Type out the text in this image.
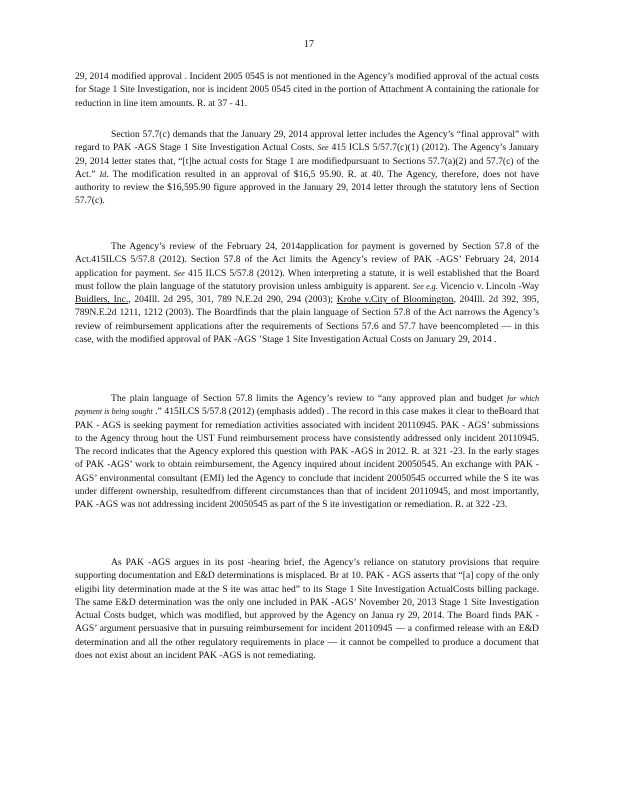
17

29, 2014 modified approval . Incident 2005 0545 is not mentioned in the Agency’s modified approval of the actual costs for Stage 1 Site Investigation, nor is incident 2005 0545 cited in the portion of Attachment A containing the rationale for reduction in line item amounts. R. at 37 - 41.

Section 57.7(c) demands that the January 29, 2014 approval letter includes the Agency’s “final approval” with regard to PAK -AGS Stage 1 Site Investigation Actual Costs. See 415 ICLS 5/57.7(c)(1) (2012). The Agency’s January 29, 2014 letter states that, “[t]he actual costs for Stage 1 are modifiedpursuant to Sections 57.7(a)(2) and 57.7(c) of the Act.” Id. The modification resulted in an approval of $16,5 95.90. R. at 40. The Agency, therefore, does not have authority to review the $16,595.90 figure approved in the January 29, 2014 letter through the statutory lens of Section 57.7(c).

The Agency’s review of the February 24, 2014application for payment is governed by Section 57.8 of the Act.415ILCS 5/57.8 (2012). Section 57.8 of the Act limits the Agency’s review of PAK -AGS’ February 24, 2014 application for payment. See 415 ILCS 5/57.8 (2012). When interpreting a statute, it is well established that the Board must follow the plain language of the statutory provision unless ambiguity is apparent. See e.g. Vicencio v. Lincoln -Way Buidlers, Inc., 204Ill. 2d 295, 301, 789 N.E.2d 290, 294 (2003); Krohe v.City of Bloomington, 204Ill. 2d 392, 395, 789N.E.2d 1211, 1212 (2003). The Boardfinds that the plain language of Section 57.8 of the Act narrows the Agency’s review of reimbursement applications after the requirements of Sections 57.6 and 57.7 have beencompleted — in this case, with the modified approval of PAK -AGS ’Stage 1 Site Investigation Actual Costs on January 29, 2014 .

The plain language of Section 57.8 limits the Agency’s review to “any approved plan and budget for which payment is being sought .” 415ILCS 5/57.8 (2012) (emphasis added) . The record in this case makes it clear to theBoard that PAK - AGS is seeking payment for remediation activities associated with incident 20110945. PAK - AGS’ submissions to the Agency throug hout the UST Fund reimbursement process have consistently addressed only incident 20110945. The record indicates that the Agency explored this question with PAK -AGS in 2012. R. at 321 -23. In the early stages of PAK -AGS’ work to obtain reimbursement, the Agency inquired about incident 20050545. An exchange with PAK -AGS’ environmental consultant (EMI) led the Agency to conclude that incident 20050545 occurred while the S ite was under different ownership, resultedfrom different circumstances than that of incident 20110945, and most importantly, PAK -AGS was not addressing incident 20050545 as part of the S ite investigation or remediation. R. at 322 -23.

As PAK -AGS argues in its post -hearing brief, the Agency’s reliance on statutory provisions that require supporting documentation and E&D determinations is misplaced. Br at 10. PAK - AGS asserts that “[a] copy of the only eligibi lity determination made at the S ite was attac hed” to its Stage 1 Site Investigation ActualCosts billing package. The same E&D determination was the only one included in PAK -AGS’ November 20, 2013 Stage 1 Site Investigation Actual Costs budget, which was modified, but approved by the Agency on Janua ry 29, 2014. The Board finds PAK -AGS’ argument persuasive that in pursuing reimbursement for incident 20110945 — a confirmed release with an E&D determination and all the other regulatory requirements in place — it cannot be compelled to produce a document that does not exist about an incident PAK -AGS is not remediating.
